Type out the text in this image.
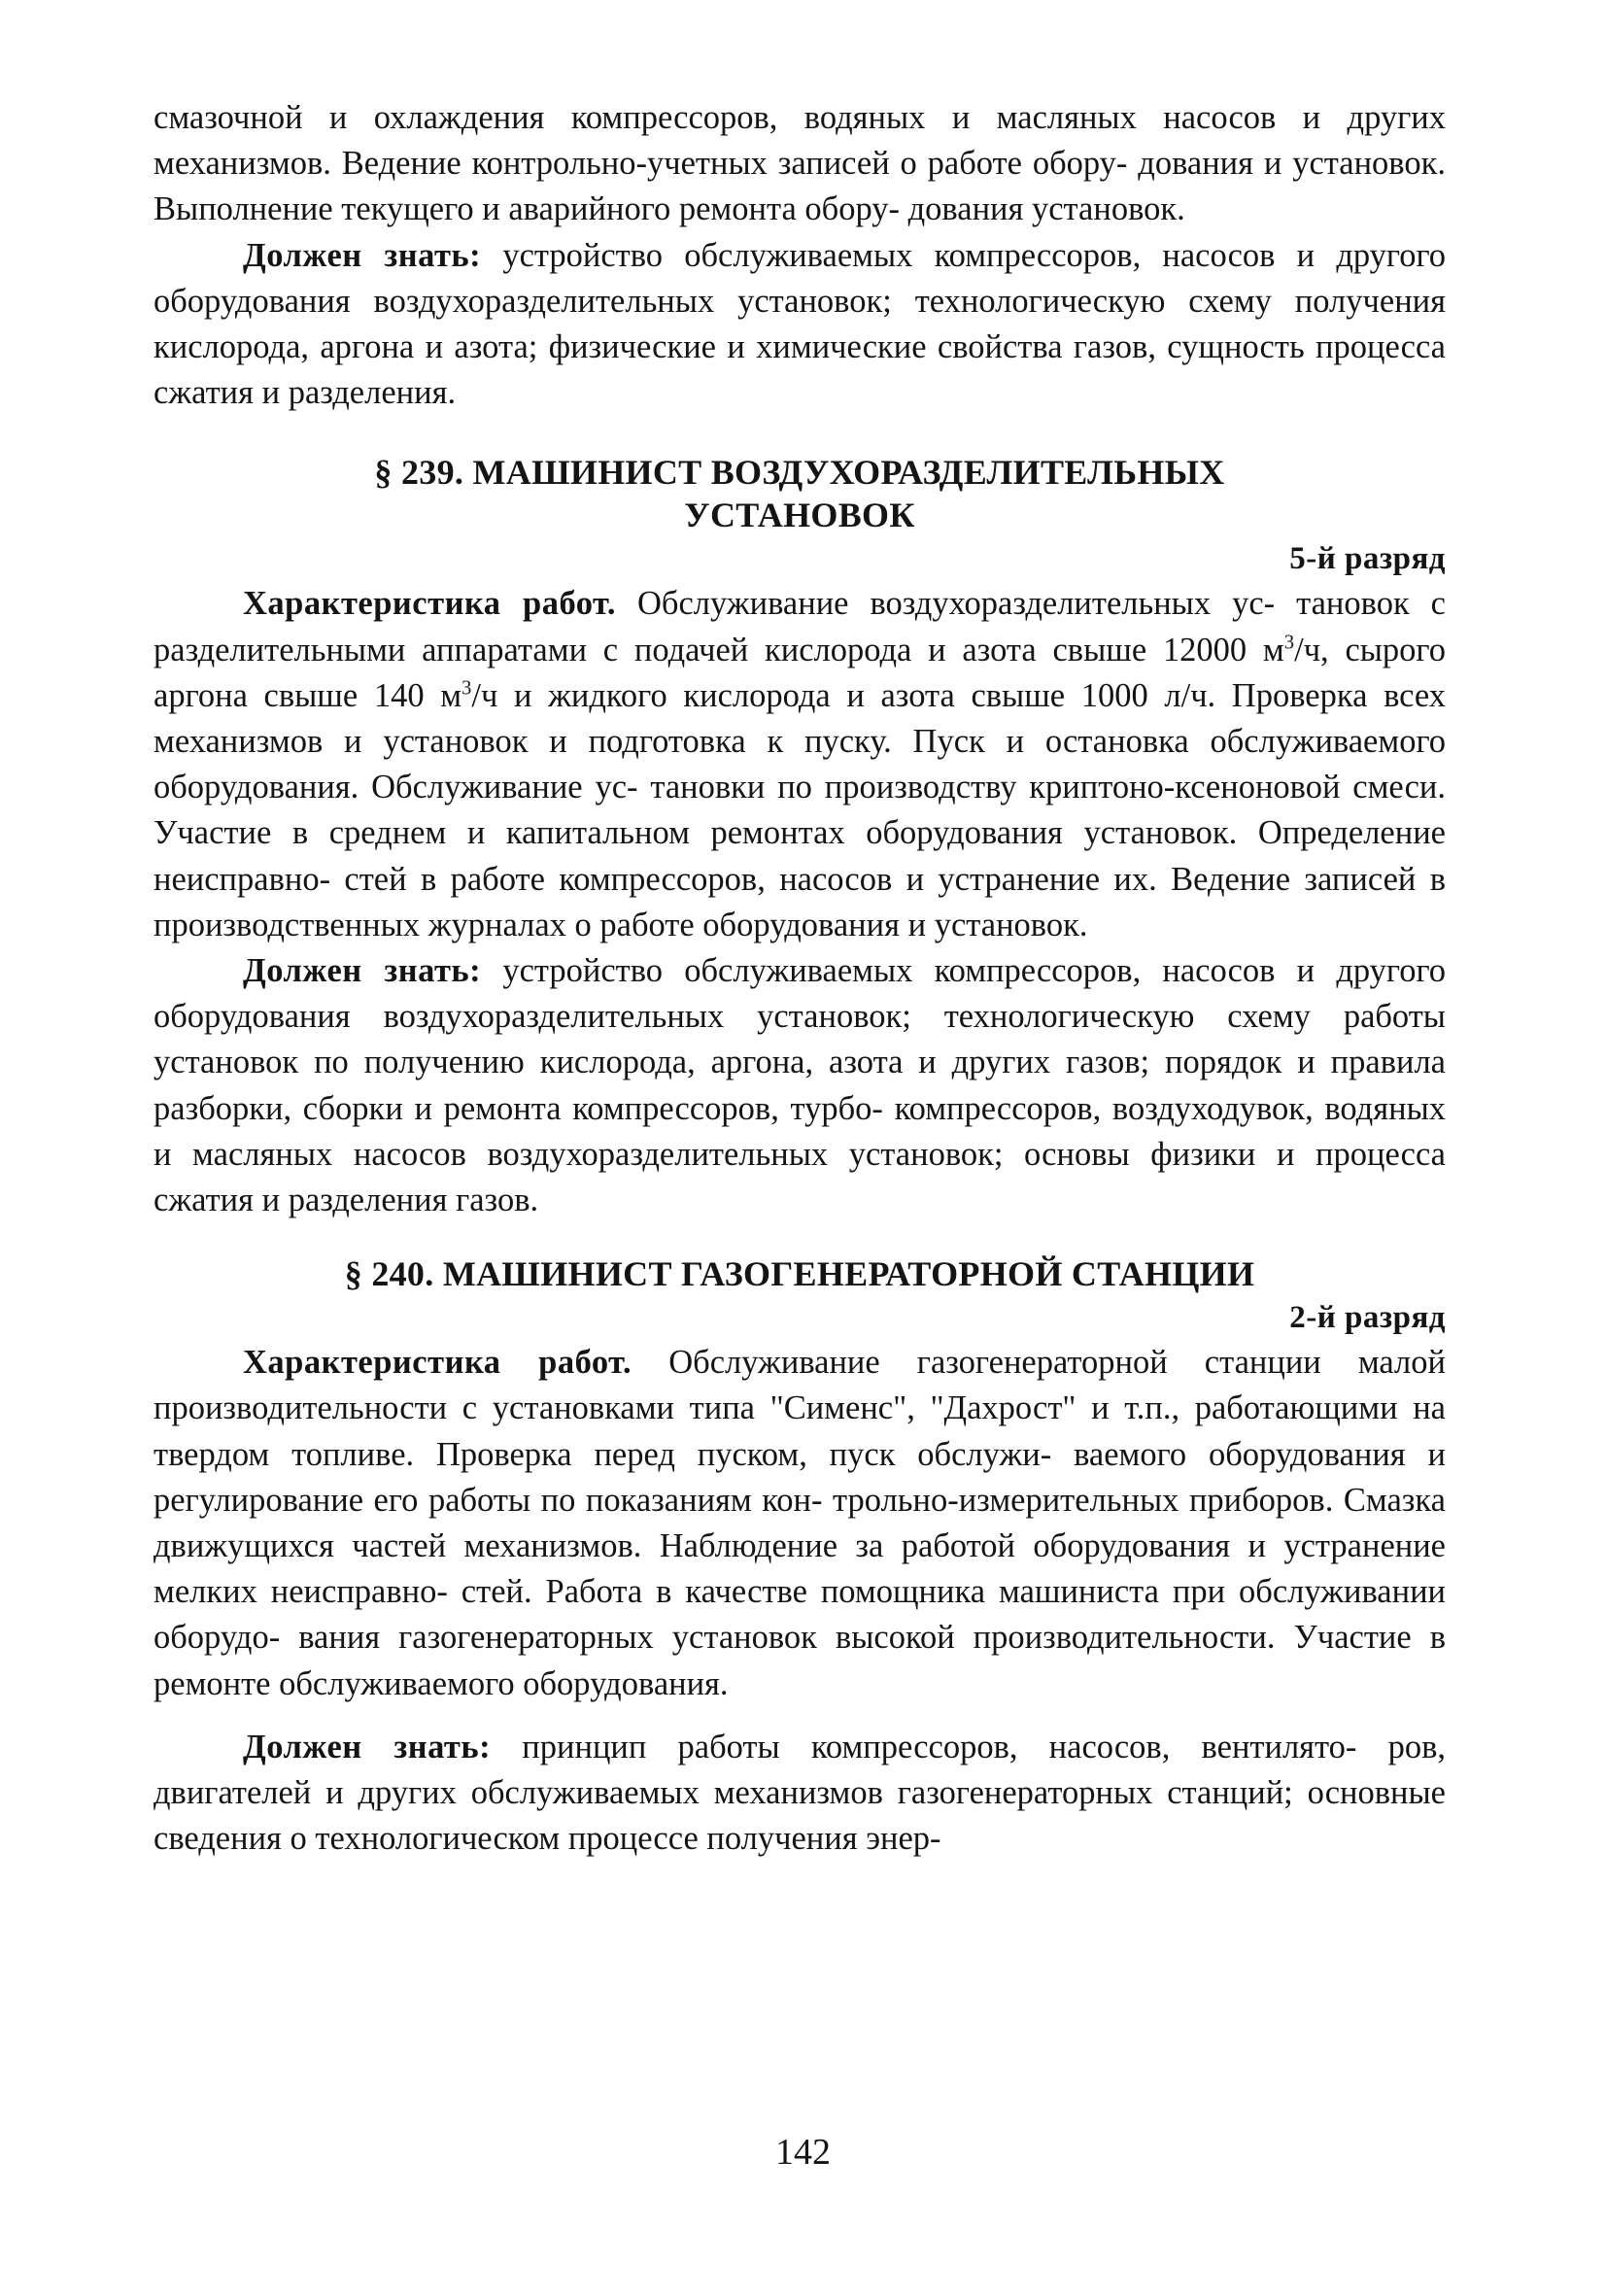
смазочной и охлаждения компрессоров, водяных и масляных насосов и других механизмов. Ведение контрольно-учетных записей о работе обору- дования и установок. Выполнение текущего и аварийного ремонта обору- дования установок.

Должен знать: устройство обслуживаемых компрессоров, насосов и другого оборудования воздухоразделительных установок; технологическую схему получения кислорода, аргона и азота; физические и химические свойства газов, сущность процесса сжатия и разделения.

§ 239. МАШИНИСТ ВОЗДУХОРАЗДЕЛИТЕЛЬНЫХ
УСТАНОВОК
5-й разряд

Характеристика работ. Обслуживание воздухоразделительных ус- тановок с разделительными аппаратами с подачей кислорода и азота свыше 12000 $м^3/ч$, сырого аргона свыше 140 $м^3/ч$ и жидкого кислорода и азота свыше 1000 л/ч. Проверка всех механизмов и установок и подготовка к пуску. Пуск и остановка обслуживаемого оборудования. Обслуживание ус- тановки по производству криптоно-ксеноновой смеси. Участие в среднем и капитальном ремонтах оборудования установок. Определение неисправно- стей в работе компрессоров, насосов и устранение их. Ведение записей в производственных журналах о работе оборудования и установок.

Должен знать: устройство обслуживаемых компрессоров, насосов и другого оборудования воздухоразделительных установок; технологическую схему работы установок по получению кислорода, аргона, азота и других газов; порядок и правила разборки, сборки и ремонта компрессоров, турбо- компрессоров, воздуходувок, водяных и масляных насосов воздухоразделительных установок; основы физики и процесса сжатия и разделения газов.

§ 240. МАШИНИСТ ГАЗОГЕНЕРАТОРНОЙ СТАНЦИИ
2-й разряд

Характеристика работ. Обслуживание газогенераторной станции малой производительности с установками типа "Сименс", "Дахрост" и т.п., работающими на твердом топливе. Проверка перед пуском, пуск обслужи- ваемого оборудования и регулирование его работы по показаниям кон- трольно-измерительных приборов. Смазка движущихся частей механизмов. Наблюдение за работой оборудования и устранение мелких неисправно- стей. Работа в качестве помощника машиниста при обслуживании оборудо- вания газогенераторных установок высокой производительности. Участие в ремонте обслуживаемого оборудования.

Должен знать: принцип работы компрессоров, насосов, вентилято- ров, двигателей и других обслуживаемых механизмов газогенераторных станций; основные сведения о технологическом процессе получения энер-

142
